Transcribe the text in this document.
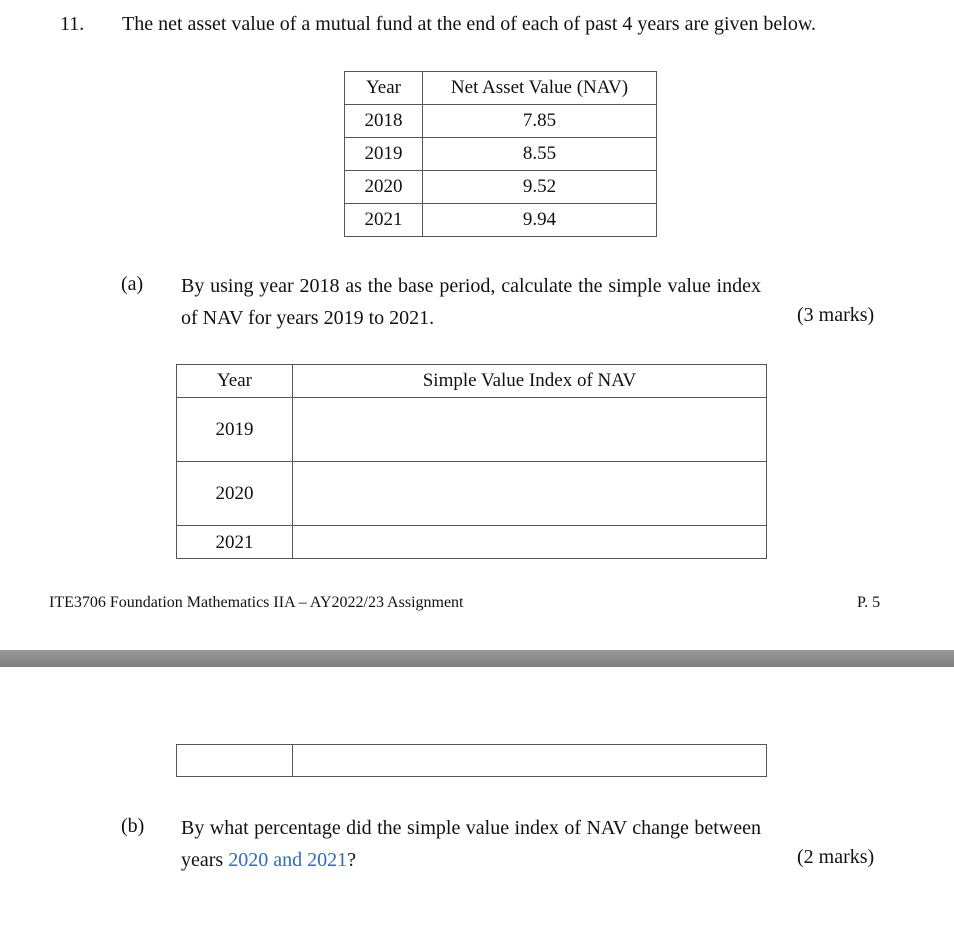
11. The net asset value of a mutual fund at the end of each of past 4 years are given below.
Year	Net Asset Value (NAV)
2018	7.85
2019	8.55
2020	9.52
2021	9.94
(a) By using year 2018 as the base period, calculate the simple value index of NAV for years 2019 to 2021.	(3 marks)
Year	Simple Value Index of NAV
2019	
2020	
2021	
ITE3706 Foundation Mathematics IIA – AY2022/23 Assignment	P. 5

(b) By what percentage did the simple value index of NAV change between years 2020 and 2021?	(2 marks)
